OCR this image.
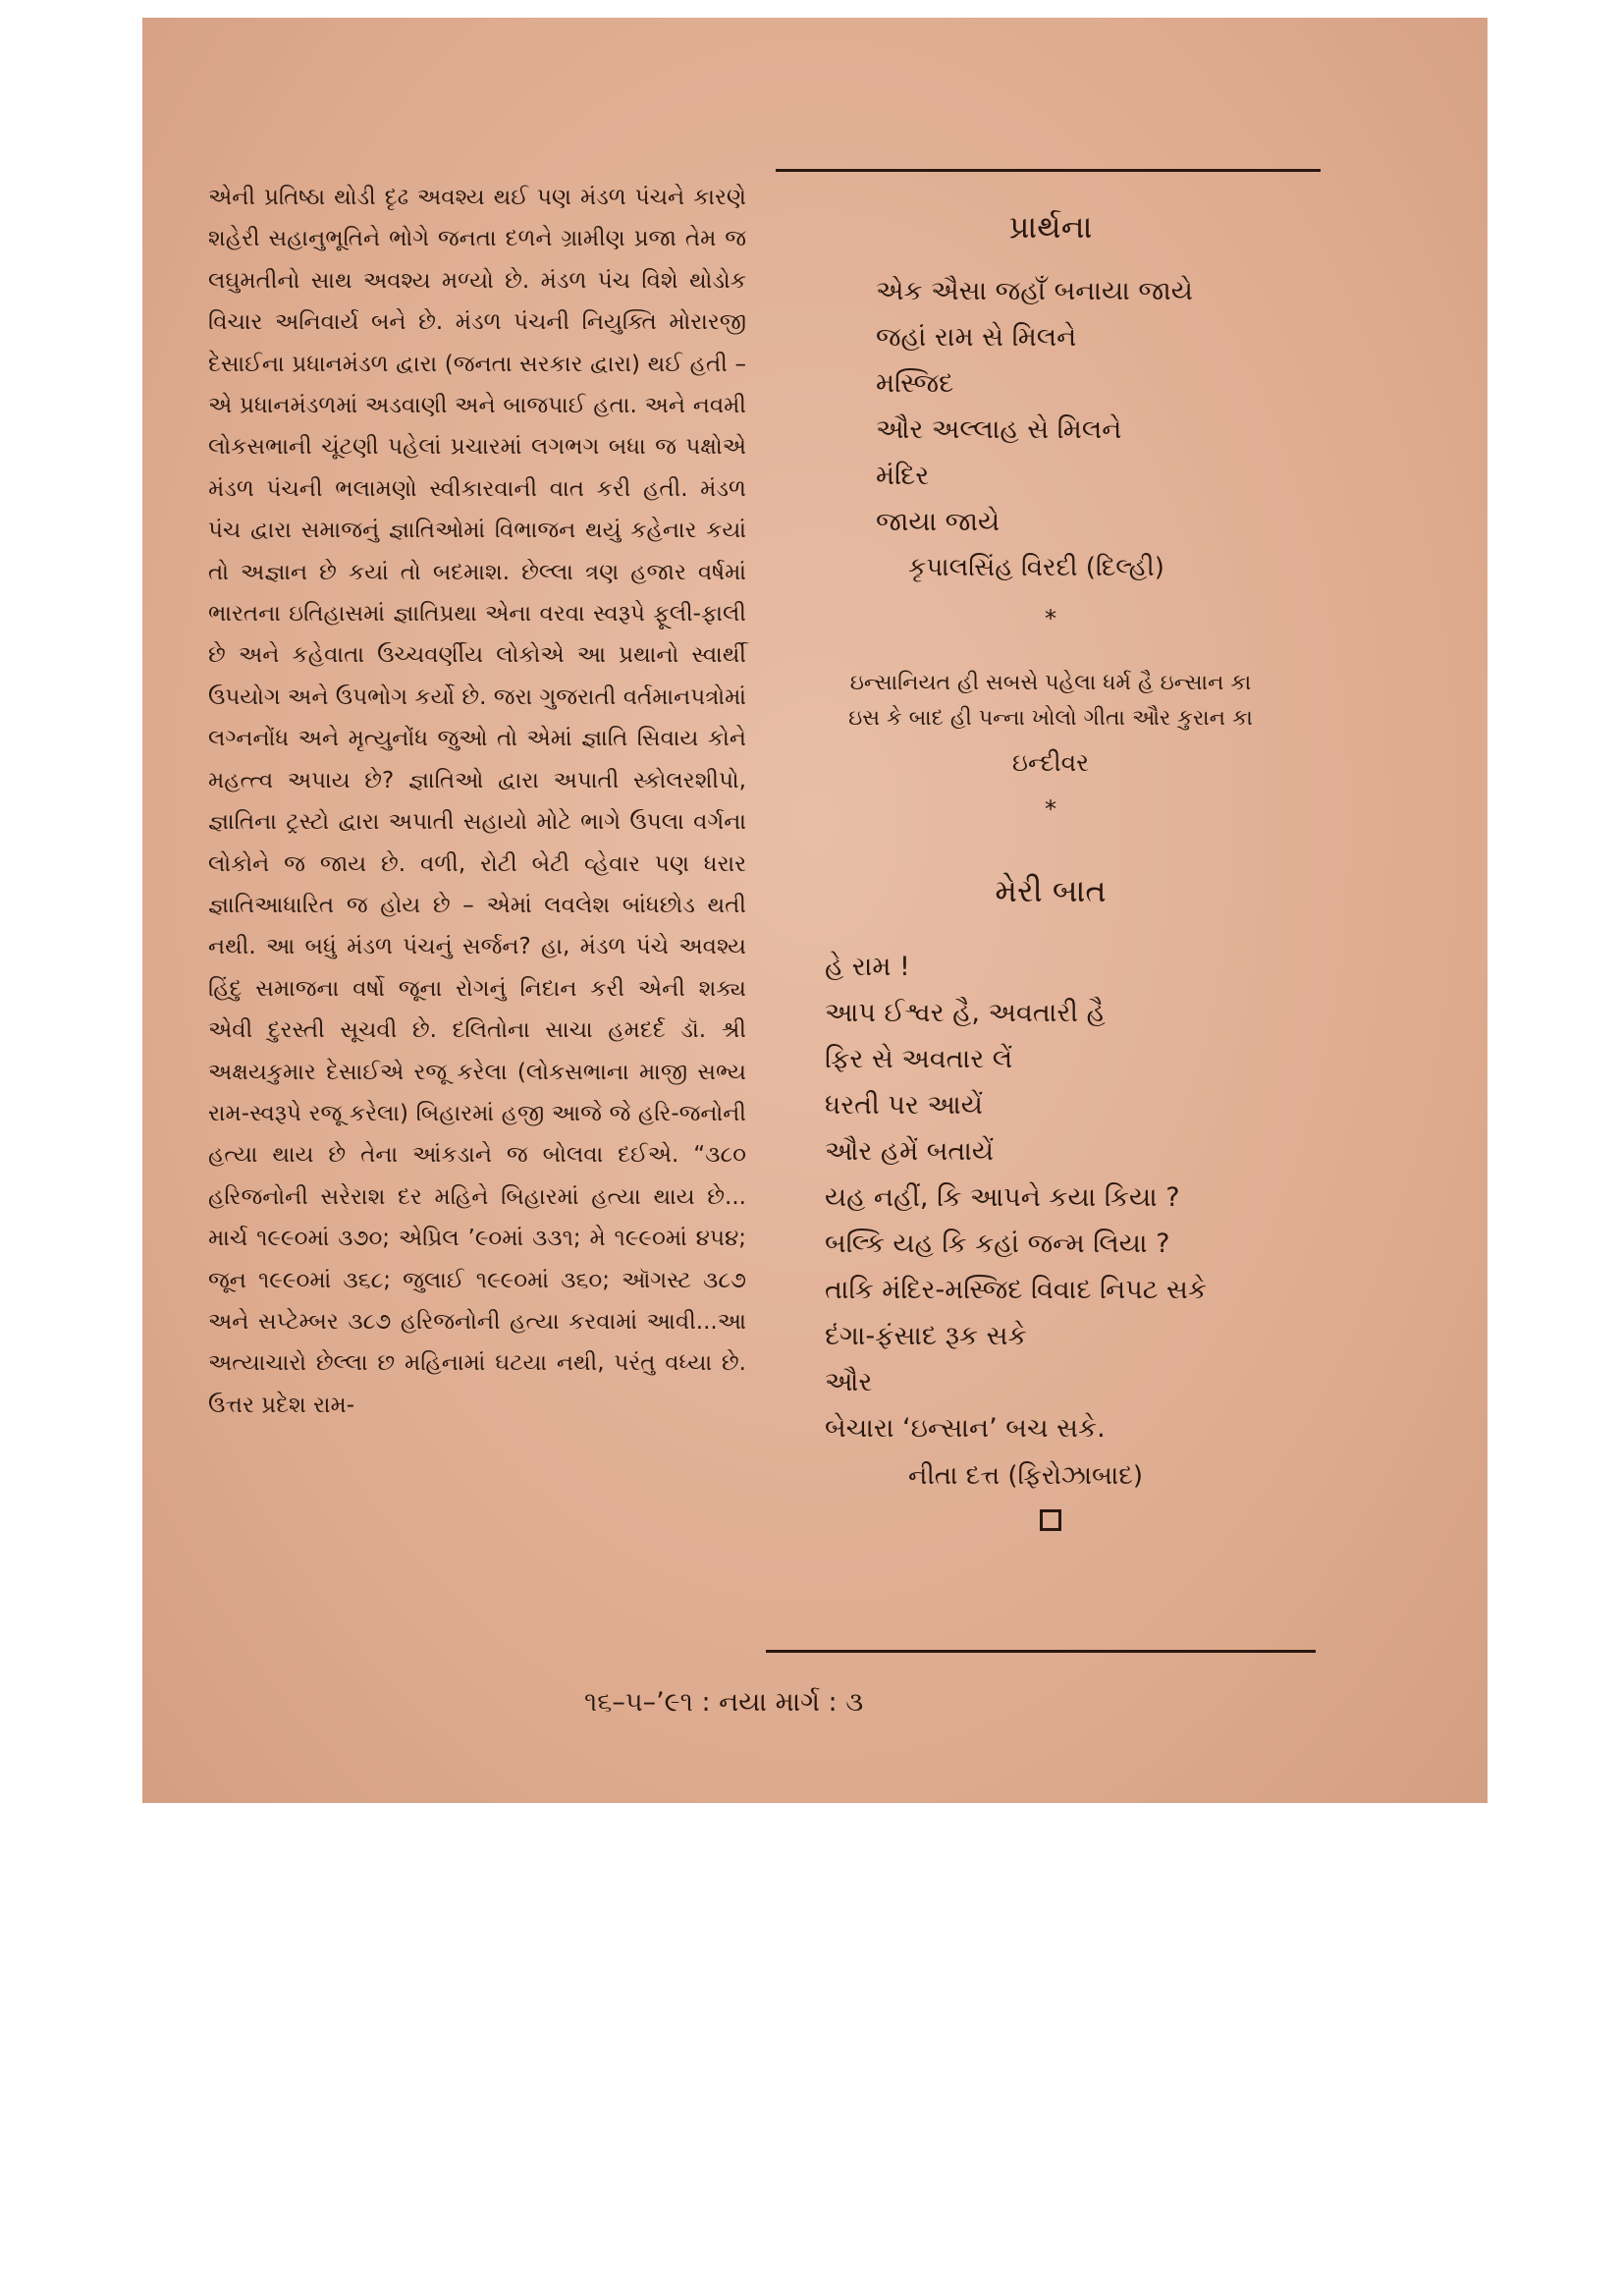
એની પ્રતિષ્ઠા થોડી દૃઢ અવશ્ય થઈ પણ મંડળ પંચને કારણે શહેરી સહાનુભૂતિને ભોગે જનતા દળને ગ્રામીણ પ્રજા તેમ જ લઘુમતીનો સાથ અવશ્ય મળ્યો છે. મંડળ પંચ વિશે થોડોક વિચાર અનિવાર્ય બને છે. મંડળ પંચની નિયુક્તિ મોરારજી દેસાઈના પ્રધાનમંડળ દ્વારા (જનતા સરકાર દ્વારા) થઈ હતી – એ પ્રધાનમંડળમાં અડવાણી અને બાજપાઈ હતા. અને નવમી લોકસભાની ચૂંટણી પહેલાં પ્રચારમાં લગભગ બધા જ પક્ષોએ મંડળ પંચની ભલામણો સ્વીકારવાની વાત કરી હતી. મંડળ પંચ દ્વારા સમાજનું જ્ઞાતિઓમાં વિભાજન થયું કહેનાર કયાં તો અજ્ઞાન છે કયાં તો બદમાશ. છેલ્લા ત્રણ હજાર વર્ષમાં ભારતના ઇતિહાસમાં જ્ઞાતિપ્રથા એના વરવા સ્વરૂપે ફૂલી-ફાલી છે અને કહેવાતા ઉચ્ચવર્ણીય લોકોએ આ પ્રથાનો સ્વાર્થી ઉપયોગ અને ઉપભોગ કર્યો છે. જરા ગુજરાતી વર્તમાનપત્રોમાં લગ્નનોંધ અને મૃત્યુનોંધ જુઓ તો એમાં જ્ઞાતિ સિવાય કોને મહત્ત્વ અપાય છે? જ્ઞાતિઓ દ્વારા અપાતી સ્કોલરશીપો, જ્ઞાતિના ટ્રસ્ટો દ્વારા અપાતી સહાયો મોટે ભાગે ઉપલા વર્ગના લોકોને જ જાય છે. વળી, રોટી બેટી વ્હેવાર પણ ધરાર જ્ઞાતિઆધારિત જ હોય છે – એમાં લવલેશ બાંધછોડ થતી નથી. આ બધું મંડળ પંચનું સર્જન? હા, મંડળ પંચે અવશ્ય હિંદુ સમાજના વર્ષો જૂના રોગનું નિદાન કરી એની શક્ય એવી દુરસ્તી સૂચવી છે. દલિતોના સાચા હમદર્દ ડૉ. શ્રી અક્ષયકુમાર દેસાઈએ રજૂ કરેલા (લોકસભાના માજી સભ્ય રામ-સ્વરૂપે રજૂ કરેલા) બિહારમાં હજી આજે જે હરિ-જનોની હત્યા થાય છે તેના આંકડાને જ બોલવા દઈએ. “૩૮૦ હરિજનોની સરેરાશ દર મહિને બિહારમાં હત્યા થાય છે... માર્ચ ૧૯૯૦માં ૩૭૦; એપ્રિલ ’૯૦માં ૩૩૧; મે ૧૯૯૦માં ૪૫૪; જૂન ૧૯૯૦માં ૩૬૮; જુલાઈ ૧૯૯૦માં ૩૬૦; ઑગસ્ટ ૩૮૭ અને સપ્ટેમ્બર ૩૮૭ હરિજનોની હત્યા કરવામાં આવી...આ અત્યાચારો છેલ્લા છ મહિનામાં ઘટયા નથી, પરંતુ વધ્યા છે. ઉત્તર પ્રદેશ રામ-

પ્રાર્થના

એક ઐસા જહાઁ બનાયા જાયે
જહાં રામ સે મિલને
મસ્જિદ
ઔર અલ્લાહ સે મિલને
મંદિર
જાયા જાયે

કૃપાલસિંહ વિરદી (દિલ્હી)

*

ઇન્સાનિયત હી સબસે પહેલા ધર્મ હૈ ઇન્સાન કા
ઇસ કે બાદ હી પન્ના ખોલો ગીતા ઔર કુરાન કા

ઇન્દીવર

*

મેરી બાત

હે રામ !
આપ ઈશ્વર હૈ, અવતારી હૈ
ફિર સે અવતાર લેં
ધરતી પર આયેં
ઔર હમેં બતાયેં
યહ નહીં, કિ આપને કયા કિયા ?
બલ્કિ યહ કિ કહાં જન્મ લિયા ?
તાકિ મંદિર-મસ્જિદ વિવાદ નિપટ સકે
દંગા-ફંસાદ રૂક સકે
ઔર
બેચારા ‘ઇન્સાન’ બચ સકે.

નીતા દત્ત (ફિરોઝાબાદ)

૧૬–૫–’૯૧ : નયા માર્ગ : ૩
